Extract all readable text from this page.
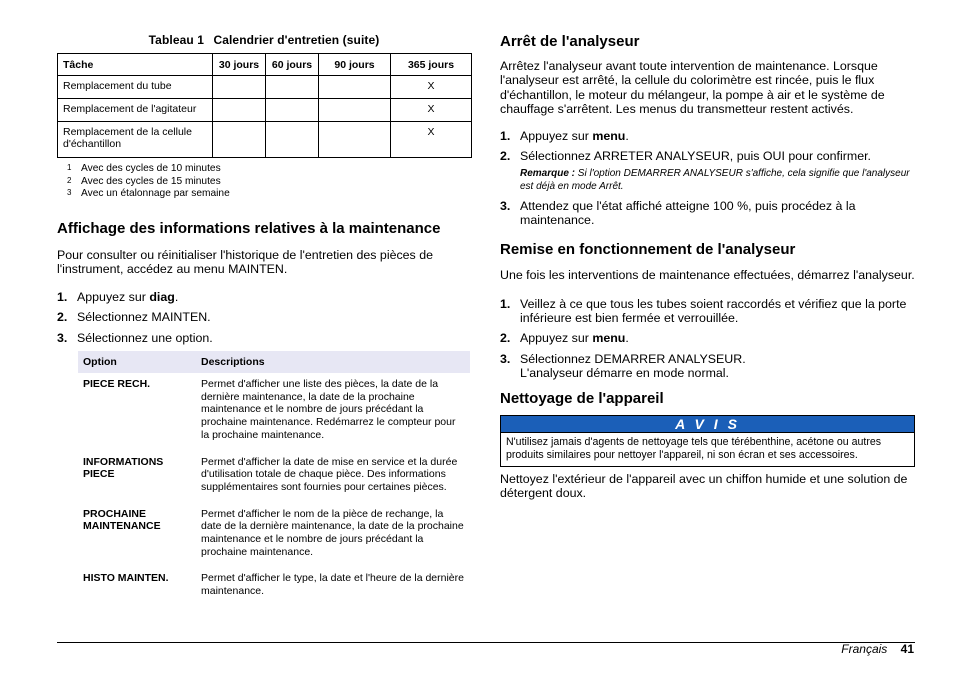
Tableau 1 Calendrier d'entretien (suite)
Tâche	30 jours	60 jours	90 jours	365 jours
Remplacement du tube				X
Remplacement de l'agitateur				X
Remplacement de la cellule d'échantillon				X
1 Avec des cycles de 10 minutes
2 Avec des cycles de 15 minutes
3 Avec un étalonnage par semaine
Affichage des informations relatives à la maintenance

Pour consulter ou réinitialiser l'historique de l'entretien des pièces de l'instrument, accédez au menu MAINTEN.

1. Appuyez sur diag.
2. Sélectionnez MAINTEN.
3. Sélectionnez une option.
Option	Descriptions
PIECE RECH.	Permet d'afficher une liste des pièces, la date de la dernière maintenance, la date de la prochaine maintenance et le nombre de jours précédant la prochaine maintenance. Redémarrez le compteur pour la prochaine maintenance.
INFORMATIONS PIECE	Permet d'afficher la date de mise en service et la durée d'utilisation totale de chaque pièce. Des informations supplémentaires sont fournies pour certaines pièces.
PROCHAINE MAINTENANCE	Permet d'afficher le nom de la pièce de rechange, la date de la dernière maintenance, la date de la prochaine maintenance et le nombre de jours précédant la prochaine maintenance.
HISTO MAINTEN.	Permet d'afficher le type, la date et l'heure de la dernière maintenance.
Arrêt de l'analyseur

Arrêtez l'analyseur avant toute intervention de maintenance. Lorsque l'analyseur est arrêté, la cellule du colorimètre est rincée, puis le flux d'échantillon, le moteur du mélangeur, la pompe à air et le système de chauffage s'arrêtent. Les menus du transmetteur restent activés.

1. Appuyez sur menu.
2. Sélectionnez ARRETER ANALYSEUR, puis OUI pour confirmer.
Remarque : Si l'option DEMARRER ANALYSEUR s'affiche, cela signifie que l'analyseur est déjà en mode Arrêt.
3. Attendez que l'état affiché atteigne 100 %, puis procédez à la maintenance.
Remise en fonctionnement de l'analyseur

Une fois les interventions de maintenance effectuées, démarrez l'analyseur.

1. Veillez à ce que tous les tubes soient raccordés et vérifiez que la porte inférieure est bien fermée et verrouillée.
2. Appuyez sur menu.
3. Sélectionnez DEMARRER ANALYSEUR.
L'analyseur démarre en mode normal.
Nettoyage de l'appareil
A V I S
N'utilisez jamais d'agents de nettoyage tels que térébenthine, acétone ou autres produits similaires pour nettoyer l'appareil, ni son écran et ses accessoires.

Nettoyez l'extérieur de l'appareil avec un chiffon humide et une solution de détergent doux.

Français 41
